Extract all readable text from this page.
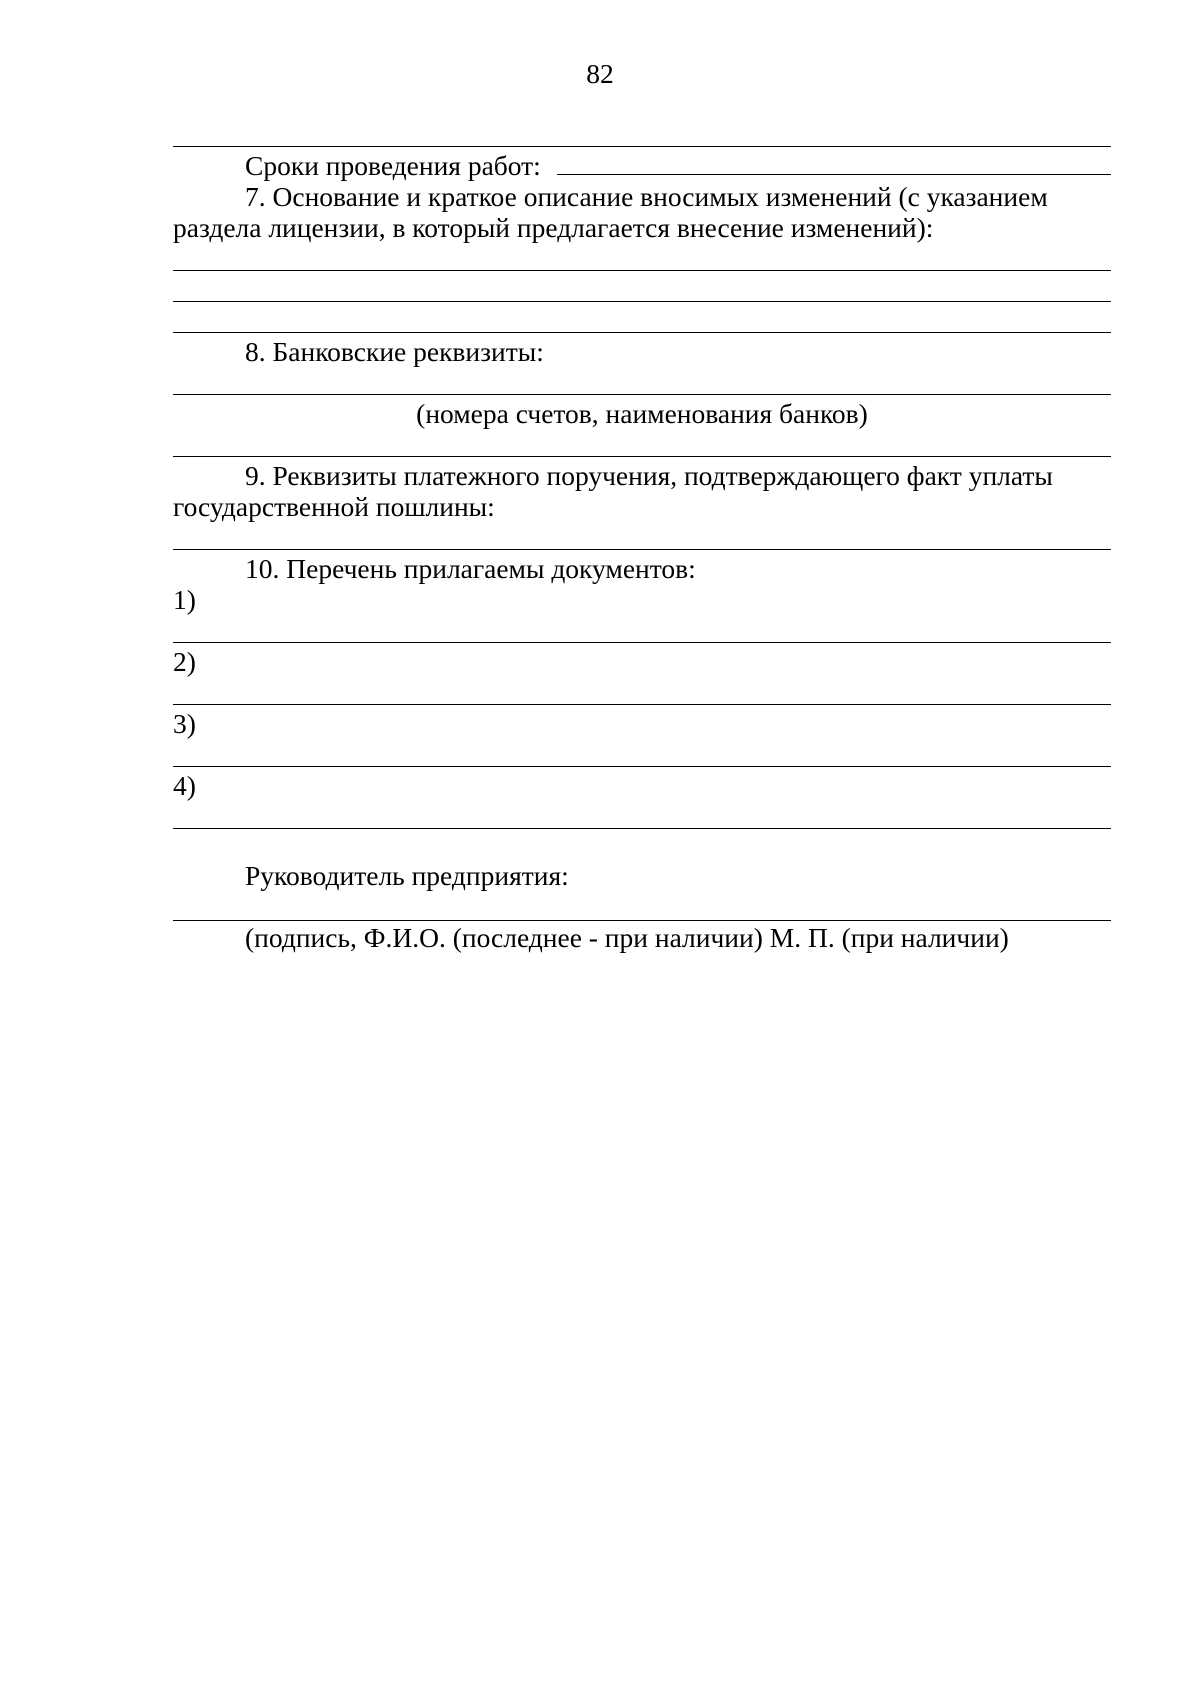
82
Сроки проведения работ:
7. Основание и краткое описание вносимых изменений (с указанием
раздела лицензии, в который предлагается внесение изменений):
8. Банковские реквизиты:
(номера счетов, наименования банков)
9. Реквизиты платежного поручения, подтверждающего факт уплаты
государственной пошлины:
10. Перечень прилагаемы документов:
1)
2)
3)
4)
Руководитель предприятия:
(подпись, Ф.И.О. (последнее - при наличии) М. П. (при наличии)
